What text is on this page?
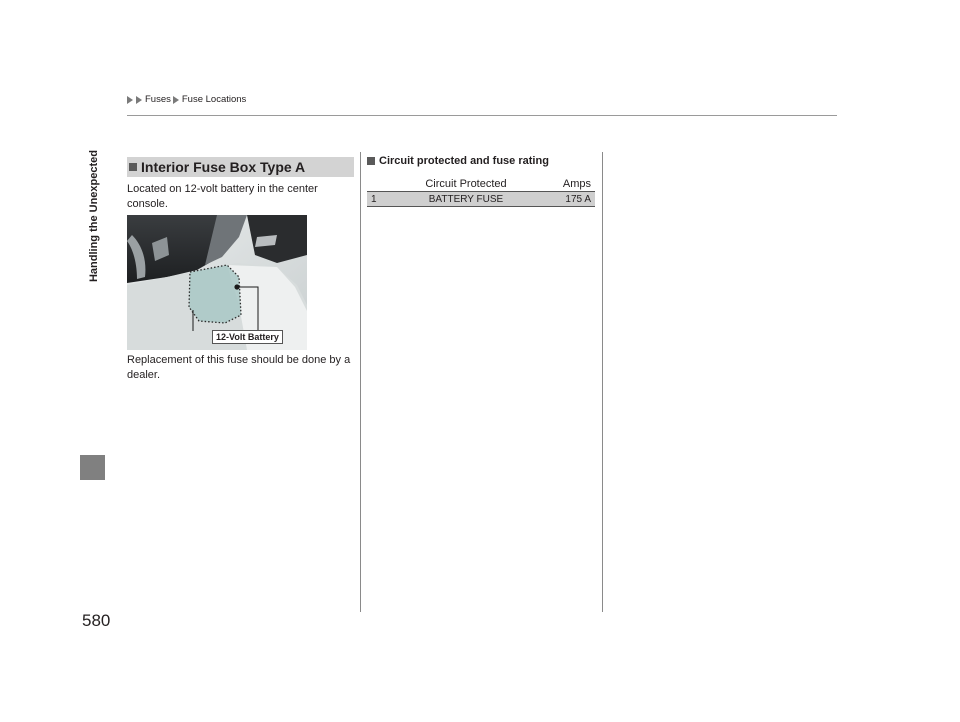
Fuses Fuse Locations
Handling the Unexpected
580
Interior Fuse Box Type A
Located on 12-volt battery in the center console.
12-Volt Battery
Replacement of this fuse should be done by a dealer.
Circuit protected and fuse rating
	Circuit Protected	Amps
1	BATTERY FUSE	175 A
